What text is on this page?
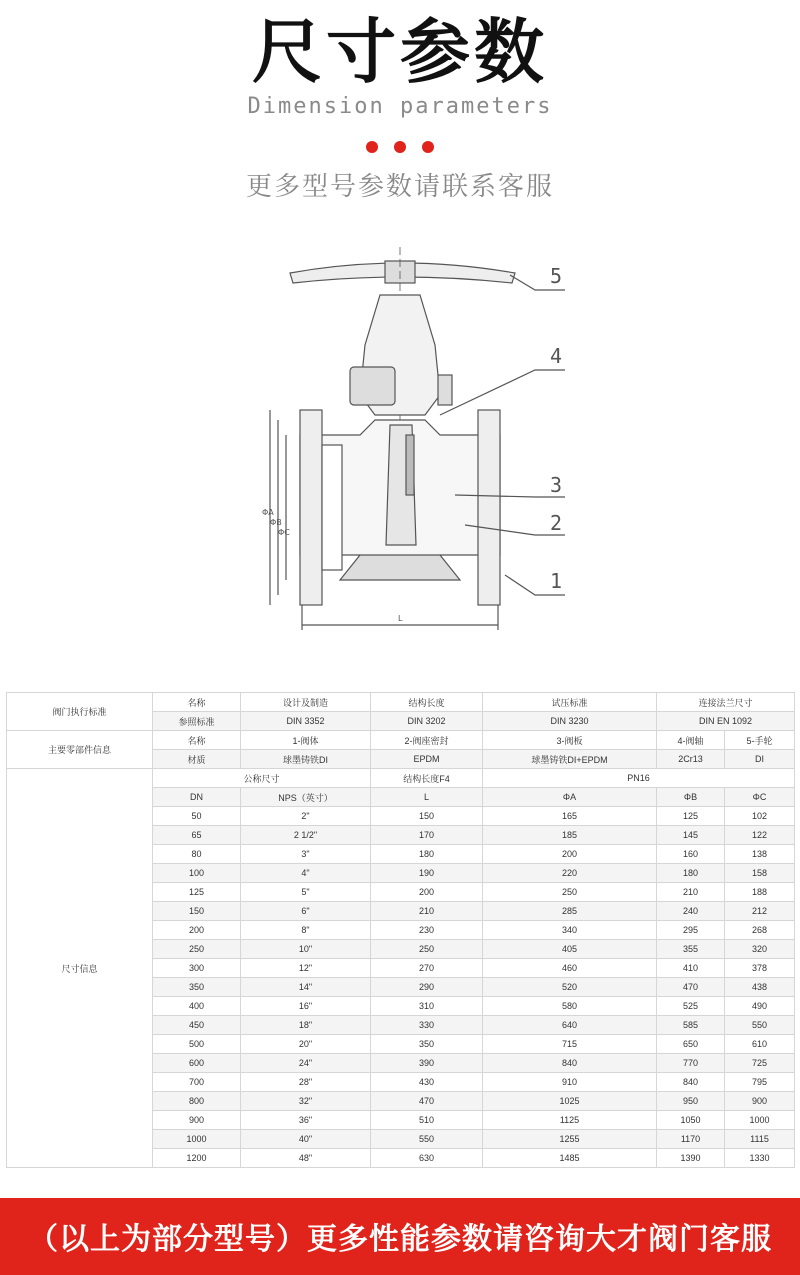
尺寸参数
Dimension parameters
更多型号参数请联系客服
1
2
3
4
5
L
ΦA
ΦB
ΦC
阀门执行标准	名称	设计及制造	结构长度	试压标准	连接法兰尺寸	
	参照标准	DIN 3352	DIN 3202	DIN 3230	DIN EN 1092	
主要零部件信息	名称	1-阀体	2-阀座密封	3-阀板	4-阀轴	5-手轮
	材质	球墨铸铁DI	EPDM	球墨铸铁DI+EPDM	2Cr13	DI
尺寸信息	公称尺寸		结构长度F4	PN16		
	DN	NPS（英寸）	L	ΦA	ΦB	ΦC
	50	2"	150	165	125	102
	65	2 1/2"	170	185	145	122
	80	3"	180	200	160	138
	100	4"	190	220	180	158
	125	5"	200	250	210	188
	150	6"	210	285	240	212
	200	8"	230	340	295	268
	250	10"	250	405	355	320
	300	12"	270	460	410	378
	350	14"	290	520	470	438
	400	16"	310	580	525	490
	450	18"	330	640	585	550
	500	20"	350	715	650	610
	600	24"	390	840	770	725
	700	28"	430	910	840	795
	800	32"	470	1025	950	900
	900	36"	510	1125	1050	1000
	1000	40"	550	1255	1170	1115
	1200	48"	630	1485	1390	1330
（以上为部分型号）更多性能参数请咨询大才阀门客服
